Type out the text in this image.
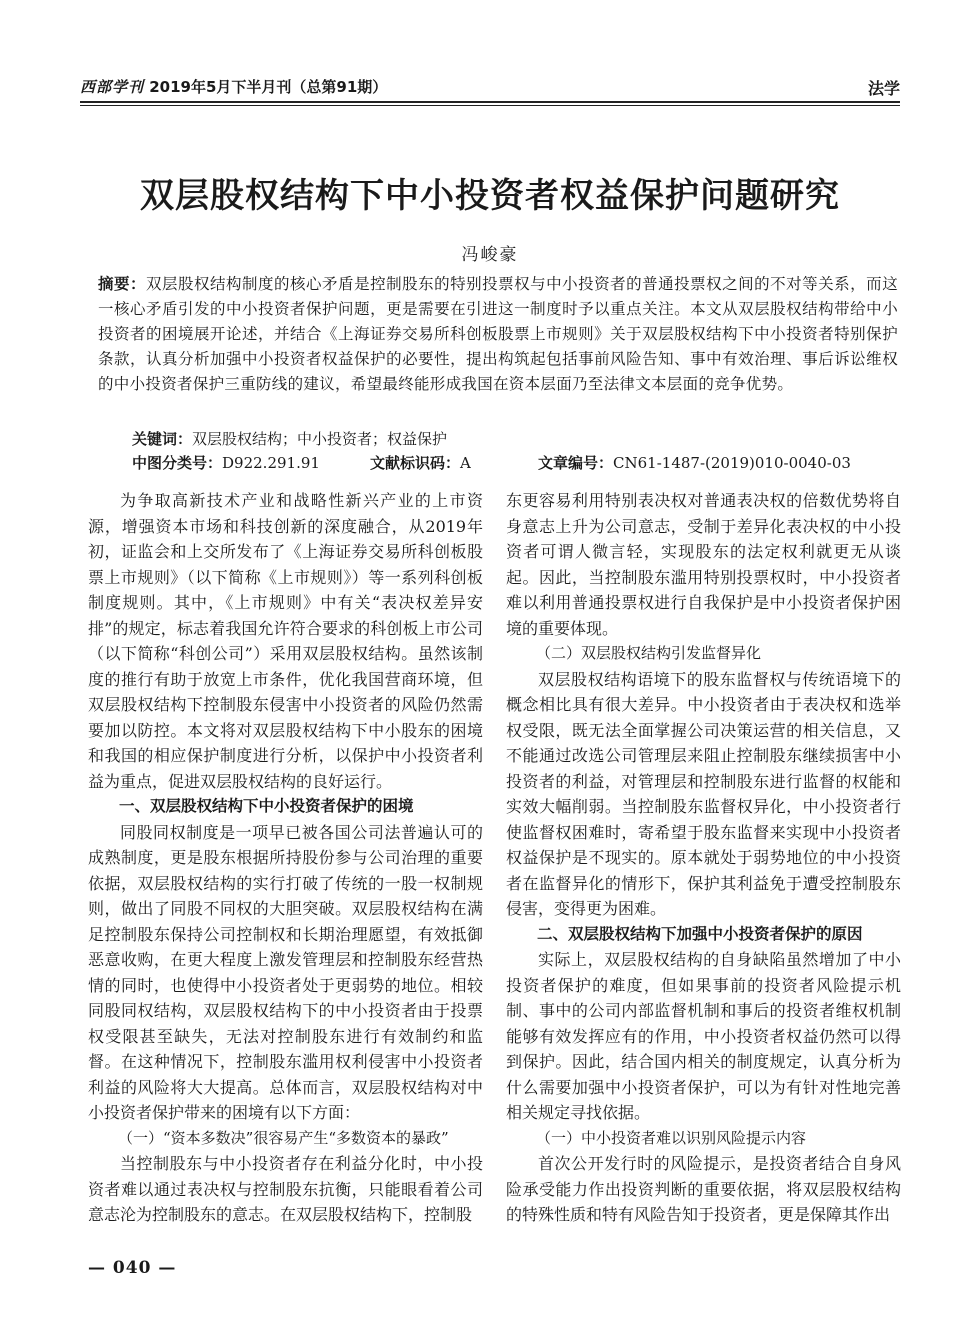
西部学刊 2019年5月下半月刊（总第91期）	法学
双层股权结构下中小投资者权益保护问题研究
冯峻豪
摘要：双层股权结构制度的核心矛盾是控制股东的特别投票权与中小投资者的普通投票权之间的不对等关系，而这一核心矛盾引发的中小投资者保护问题，更是需要在引进这一制度时予以重点关注。本文从双层股权结构带给中小投资者的困境展开论述，并结合《上海证券交易所科创板股票上市规则》关于双层股权结构下中小投资者特别保护条款，认真分析加强中小投资者权益保护的必要性，提出构筑起包括事前风险告知、事中有效治理、事后诉讼维权的中小投资者保护三重防线的建议，希望最终能形成我国在资本层面乃至法律文本层面的竞争优势。
关键词：双层股权结构；中小投资者；权益保护
中图分类号：D922.291.91	文献标识码：A	文章编号：CN61-1487-(2019)010-0040-03

为争取高新技术产业和战略性新兴产业的上市资源，增强资本市场和科技创新的深度融合，从2019年初，证监会和上交所发布了《上海证券交易所科创板股票上市规则》（以下简称《上市规则》）等一系列科创板制度规则。其中，《上市规则》中有关“表决权差异安排”的规定，标志着我国允许符合要求的科创板上市公司（以下简称“科创公司”）采用双层股权结构。虽然该制度的推行有助于放宽上市条件，优化我国营商环境，但双层股权结构下控制股东侵害中小投资者的风险仍然需要加以防控。本文将对双层股权结构下中小股东的困境和我国的相应保护制度进行分析，以保护中小投资者利益为重点，促进双层股权结构的良好运行。

一、双层股权结构下中小投资者保护的困境

同股同权制度是一项早已被各国公司法普遍认可的成熟制度，更是股东根据所持股份参与公司治理的重要依据，双层股权结构的实行打破了传统的一股一权制规则，做出了同股不同权的大胆突破。双层股权结构在满足控制股东保持公司控制权和长期治理愿望，有效抵御恶意收购，在更大程度上激发管理层和控制股东经营热情的同时，也使得中小投资者处于更弱势的地位。相较同股同权结构，双层股权结构下的中小投资者由于投票权受限甚至缺失，无法对控制股东进行有效制约和监督。在这种情况下，控制股东滥用权利侵害中小投资者利益的风险将大大提高。总体而言，双层股权结构对中小投资者保护带来的困境有以下方面：

（一）“资本多数决”很容易产生“多数资本的暴政”

当控制股东与中小投资者存在利益分化时，中小投资者难以通过表决权与控制股东抗衡，只能眼看着公司意志沦为控制股东的意志。在双层股权结构下，控制股

东更容易利用特别表决权对普通表决权的倍数优势将自身意志上升为公司意志，受制于差异化表决权的中小投资者可谓人微言轻，实现股东的法定权利就更无从谈起。因此，当控制股东滥用特别投票权时，中小投资者难以利用普通投票权进行自我保护是中小投资者保护困境的重要体现。

（二）双层股权结构引发监督异化

双层股权结构语境下的股东监督权与传统语境下的概念相比具有很大差异。中小投资者由于表决权和选举权受限，既无法全面掌握公司决策运营的相关信息，又不能通过改选公司管理层来阻止控制股东继续损害中小投资者的利益，对管理层和控制股东进行监督的权能和实效大幅削弱。当控制股东监督权异化，中小投资者行使监督权困难时，寄希望于股东监督来实现中小投资者权益保护是不现实的。原本就处于弱势地位的中小投资者在监督异化的情形下，保护其利益免于遭受控制股东侵害，变得更为困难。

二、双层股权结构下加强中小投资者保护的原因

实际上，双层股权结构的自身缺陷虽然增加了中小投资者保护的难度，但如果事前的投资者风险提示机制、事中的公司内部监督机制和事后的投资者维权机制能够有效发挥应有的作用，中小投资者权益仍然可以得到保护。因此，结合国内相关的制度规定，认真分析为什么需要加强中小投资者保护，可以为有针对性地完善相关规定寻找依据。

（一）中小投资者难以识别风险提示内容

首次公开发行时的风险提示，是投资者结合自身风险承受能力作出投资判断的重要依据，将双层股权结构的特殊性质和特有风险告知于投资者，更是保障其作出

— 040 —
